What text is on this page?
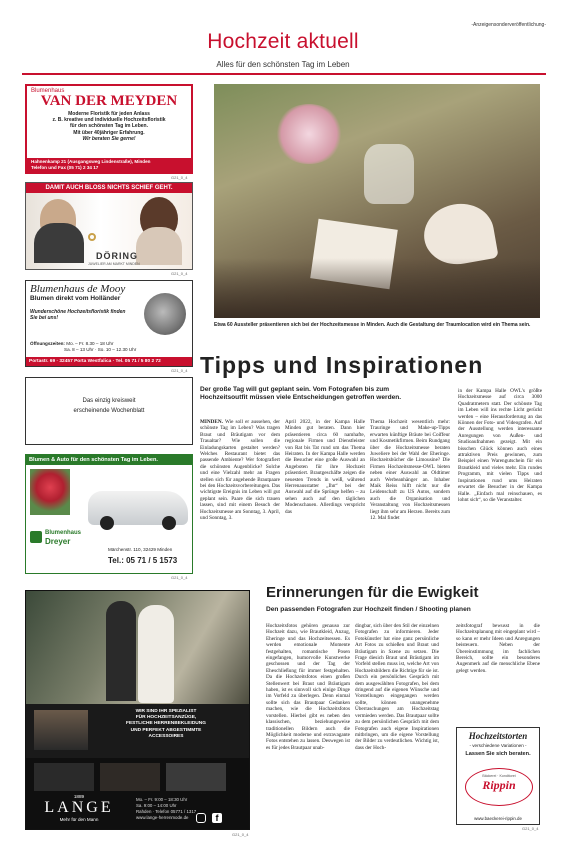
-Anzeigensonderveröffentlichung-
Hochzeit aktuell
Alles für den schönsten Tag im Leben
Blumenhaus
VAN DER MEYDEN
Moderne Floristik für jeden Anlass
z. B. kreative und individuelle Hochzeitsfloristik
für den schönsten Tag im Leben.
Mit über 40jähriger Erfahrung.
Wir beraten Sie gerne!
Hahnenkamp 21 (Ausgangsweg Lindenstraße), Minden
Telefon und Fax (05 71) 2 34 17
G21_0_4
DAMIT AUCH BLOSS NICHTS SCHIEF GEHT.
DÖRING
JUWELIER AM MARKT MINDEN
G21_0_4
Blumenhaus de Mooy
Blumen direkt vom Holländer
Wunderschöne Hochzeitsfloristik finden Sie bei uns!
Öffnungszeiten: Mo. – Fr. 8.30 – 18 Uhr
Sa. 8 – 13 Uhr · So. 10 – 12.30 Uhr
Portastr. 69 · 32457 Porta Westfalica · Tel. 05 71 / 5 80 2 72
G21_0_4
Das einzig kreisweit
erscheinende Wochenblatt
Blumen & Auto für den schönsten Tag im Leben.
Blumenhaus
Dreyer
Märchenstr. 110, 32429 Minden
Tel.: 05 71 / 5 1573
G21_0_4
Etwa 60 Aussteller präsentieren sich bei der Hochzeitsmesse in Minden. Auch die Gestaltung der Traumlocation wird ein Thema sein.
Tipps und Inspirationen
Der große Tag will gut geplant sein. Vom Fotografen bis zum Hochzeitsoutfit müssen viele Entscheidungen getroffen werden.

MINDEN. Wie soll er aussehen, der schönste Tag im Leben? Was tragen Braut und Bräutigam vor dem Traualtar? Wie sollen die Einladungskarten gestaltet werden? Welches Restaurant bietet das passende Ambiente? Wer fotografiert die schönsten Augenblicke? Solche und eine Vielzahl mehr an Fragen stellen sich für angehende Brautpaare bei den Hochzeitsvorbereitungen. Das wichtigste Ereignis im Leben will gut geplant sein. Paare die sich trauen lassen, sind mit einem Besuch der Hochzeitsmesse am Sonntag, 3. April, und Sonntag, 3.

April 2022, in der Kampa Halle Minden gut beraten. Dann hier präsentieren circa 60 namhafte, regionale Firmen und Dienstleister von Rat bis Tat rund um das Thema Heiraten. In der Kampa Halle werden die Besucher eine große Auswahl an Angeboten für ihre Hochzeit präsentiert. Brautgeschäfte zeigen die neuesten Trends in weiß, während Herrenausstatter „Ihn“ bei der Auswahl auf die Sprünge helfen – zu sehen auch auf den täglichen Modenschauen. Allerdings verspricht das

Thema Hochzeit wesentlich mehr: Trauringe und Make-up-Tipps erwarten künftige Bräute bei Coiffeur und Kosmetikfirmen. Beim Rundgang über die Hochzeitsmesse beraten Juweliere bei der Wahl der Eheringe. Hochzeitsbücher die Limousine? Die Firmen Hochzeitsmesse-OWL bieten neben einer Auswahl an Oldtimer auch Werbeanhänger an. Inhaber Maik Reiss hilft nicht nur die Leidenschaft zu US Autos, sondern auch die Organisation und Veranstaltung von Hochzeitsmessen liegt ihm sehr am Herzen. Bereits zum 12. Mal findet

in der Kampa Halle OWL's größte Hochzeitsmesse auf circa 3000 Quadratmetern statt. Der schönste Tag im Leben will ins rechte Licht gerückt werden – eine Herausforderung an das Können der Foto- und Videografen. Auf der Ausstellung werden interessante Anregungen von Außen- und Studioaufnahmen gezeigt. Mit ein bisschen Glück können auch eines attraktiven Preis gewinnen, zum Beispiel einen Warengutschein für ein Brautkleid und vieles mehr. Ein rundes Programm, mit vielen Tipps und Inspirationen rund ums Heiraten erwartet die Besucher in der Kampa Halle. „Einfach mal reinschauen, es lohnt sich“, so die Veranstalter.

WIR SIND IHR SPEZIALIST
FÜR HOCHZEITSANZÜGE,
FESTLICHE HERRENBEKLEIDUNG
UND PERFEKT ABGESTIMMTE
ACCESSOIRES
1889
LANGE
Mehr für den Mann
Mo. – Fr. 9:00 – 18:30 Uhr
Sa. 9:00 – 14:00 Uhr
Rahden · Telefon 05771 / 1317
www.lange-herrenmode.de	f
G21_0_4
Erinnerungen für die Ewigkeit
Den passenden Fotografen zur Hochzeit finden / Shooting planen

Hochzeitsfotos gehören genauso zur Hochzeit dazu, wie Brautkleid, Anzug, Eheringe und das Hochzeitsessen. Es werden emotionale Momente festgehalten, romantische Posen eingefangen, humorvolle Kunstwerke geschossen und der Tag der Eheschließung für immer festgehalten. Da die Hochzeitsfotos einen großen Stellenwert bei Braut und Bräutigam haben, ist es sinnvoll sich einige Dinge im Vorfeld zu überlegen. Denn einmal sollte sich das Brautpaar Gedanken machen, wie die Hochzeitsfotos vorstellen. Hierbei gibt es neben den klassischen, beziehungsweise traditionellen Bildern auch die Möglichkeit moderne und extravagante Fotos entstehen zu lassen. Deswegen ist es für jedes Brautpaar unab-

dingbar, sich über den Stil der einzelnen Fotografen zu informieren. Jeder Fotokünstler hat eine ganz persönliche Art Fotos zu schießen und Braut und Bräutigam in Szene zu setzen. Die Frage diesich Braut und Bräutigam im Vorfeld stellen muss ist, welche Art von Hochzeitsbildern die Richtige für sie ist. Durch ein persönliches Gespräch mit dem ausgewählten Fotografen, bei dem dringend auf die eigenen Wünsche und Vorstellungen eingegangen werden sollte, können unangenehme Überraschungen am Hochzeitstag vermieden werden. Das Brautpaar sollte zu dem persönlichen Gespräch mit dem Fotografen auch eigene Inspirationen mitbringen, um die eigene Vorstellung der Bilder zu verdeutlichen. Wichtig ist, dass der Hoch-

zeitsfotograf bewusst in die Hochzeitsplanung mit eingeplant wird – so kann er mehr Ideen und Anregungen beisteuern. Neben der Übereinstimmung im fachlichen Bereich, sollte ein besonderes Augenmerk auf die menschliche Ebene gelegt werden.

Hochzeitstorten
- verschiedene Variationen -
Lassen Sie sich beraten.
Bäckerei · Konditorei
Rippin
www.baeckerei-rippin.de
G21_0_4
